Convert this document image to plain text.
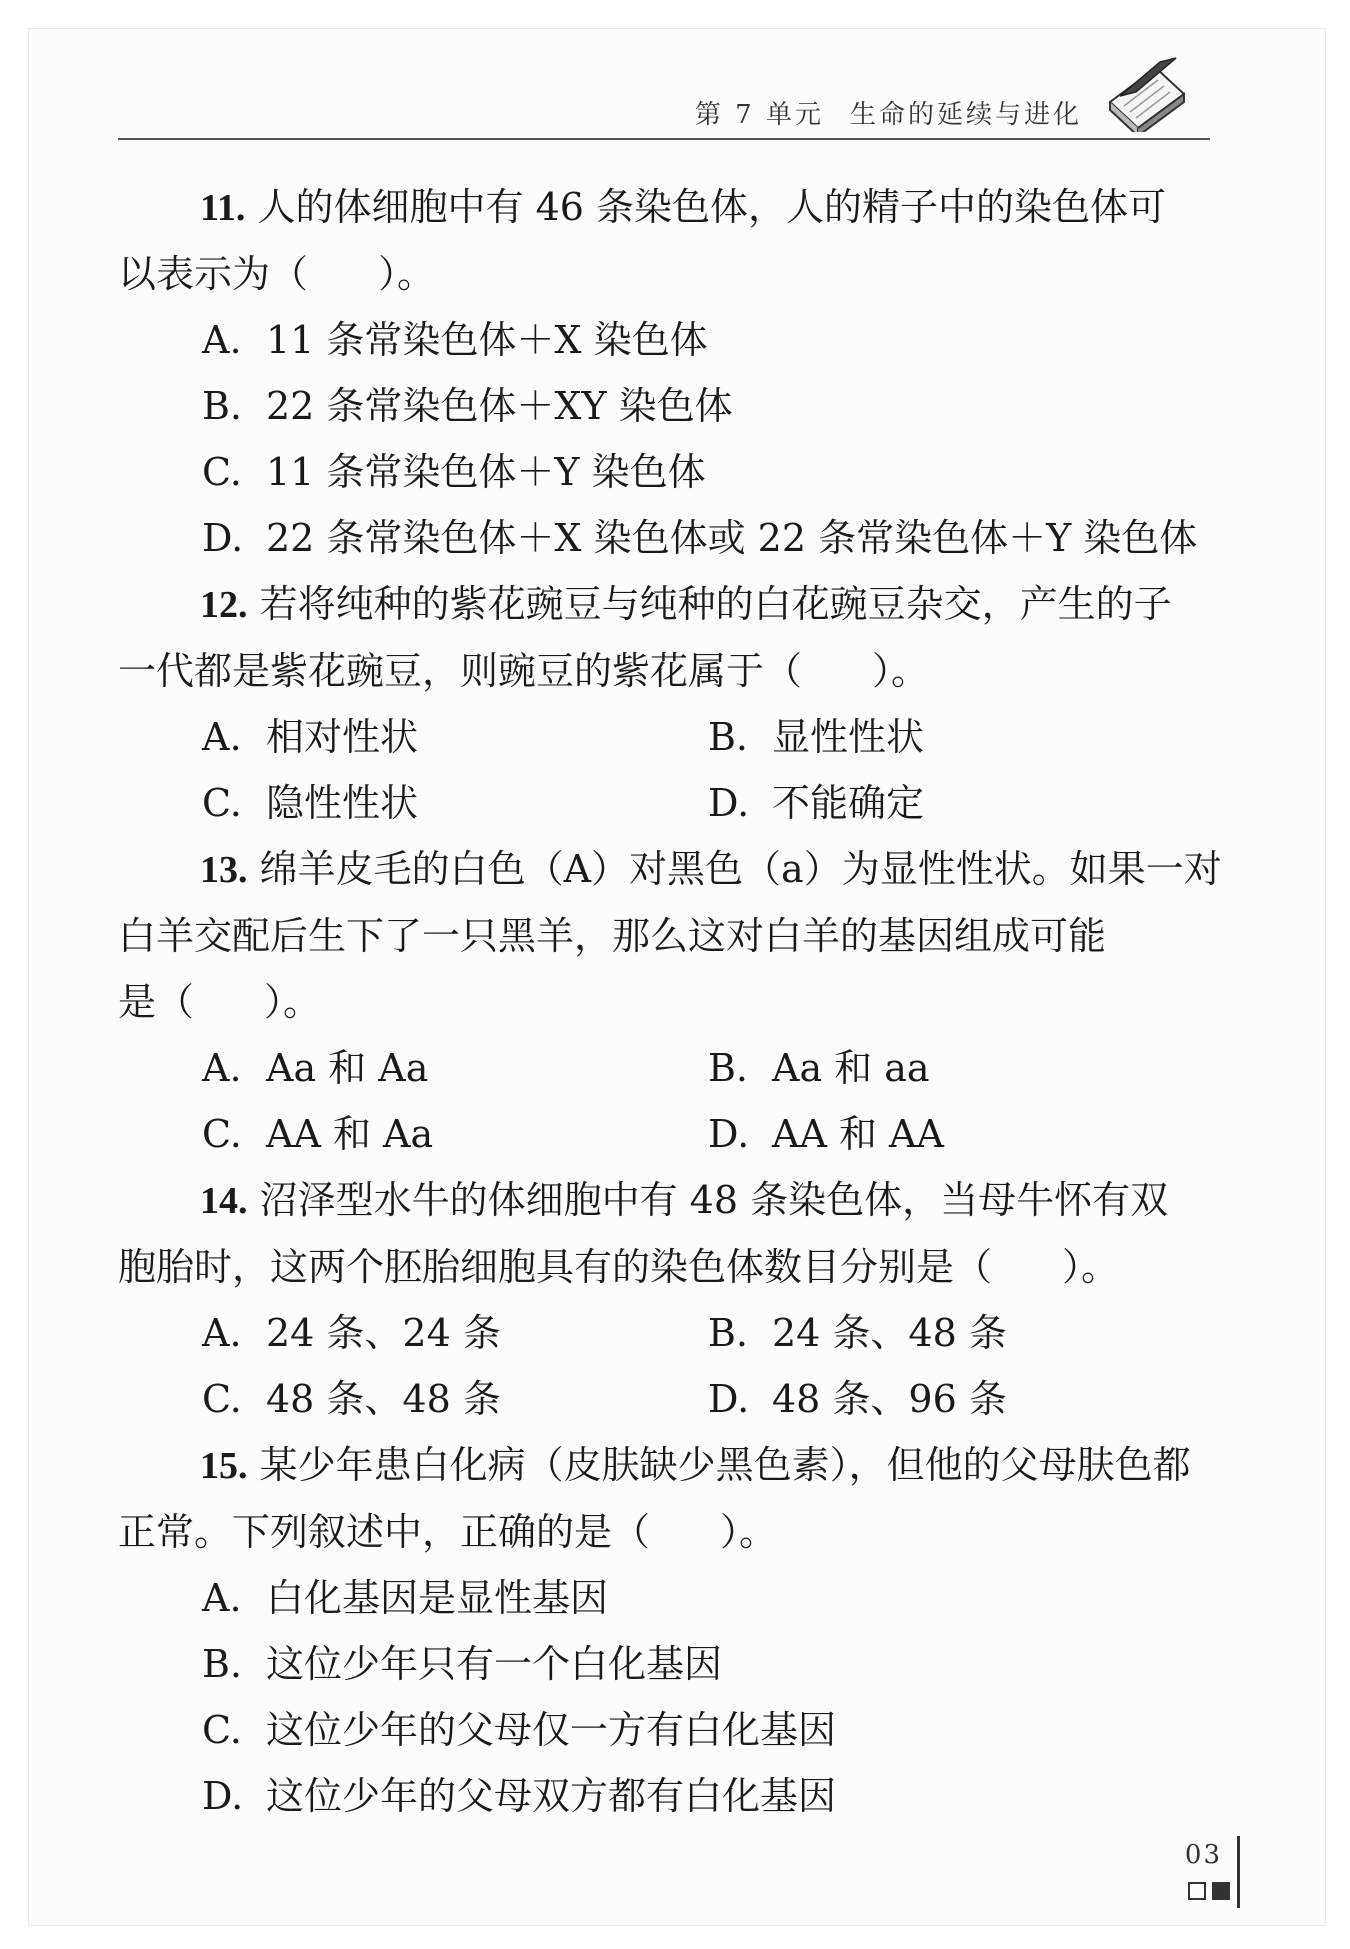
第 7 单元 生命的延续与进化

11. 人的体细胞中有 46 条染色体，人的精子中的染色体可

以表示为（ ）。

A. 11 条常染色体＋X 染色体

B. 22 条常染色体＋XY 染色体

C. 11 条常染色体＋Y 染色体

D. 22 条常染色体＋X 染色体或 22 条常染色体＋Y 染色体

12. 若将纯种的紫花豌豆与纯种的白花豌豆杂交，产生的子

一代都是紫花豌豆，则豌豆的紫花属于（ ）。

A. 相对性状	B. 显性性状
C. 隐性性状	D. 不能确定

13. 绵羊皮毛的白色（A）对黑色（a）为显性性状。如果一对

白羊交配后生下了一只黑羊，那么这对白羊的基因组成可能

是（ ）。

A. Aa 和 Aa	B. Aa 和 aa
C. AA 和 Aa	D. AA 和 AA

14. 沼泽型水牛的体细胞中有 48 条染色体，当母牛怀有双

胞胎时，这两个胚胎细胞具有的染色体数目分别是（ ）。

A. 24 条、24 条	B. 24 条、48 条
C. 48 条、48 条	D. 48 条、96 条

15. 某少年患白化病（皮肤缺少黑色素），但他的父母肤色都

正常。下列叙述中，正确的是（ ）。

A. 白化基因是显性基因

B. 这位少年只有一个白化基因

C. 这位少年的父母仅一方有白化基因

D. 这位少年的父母双方都有白化基因

03
